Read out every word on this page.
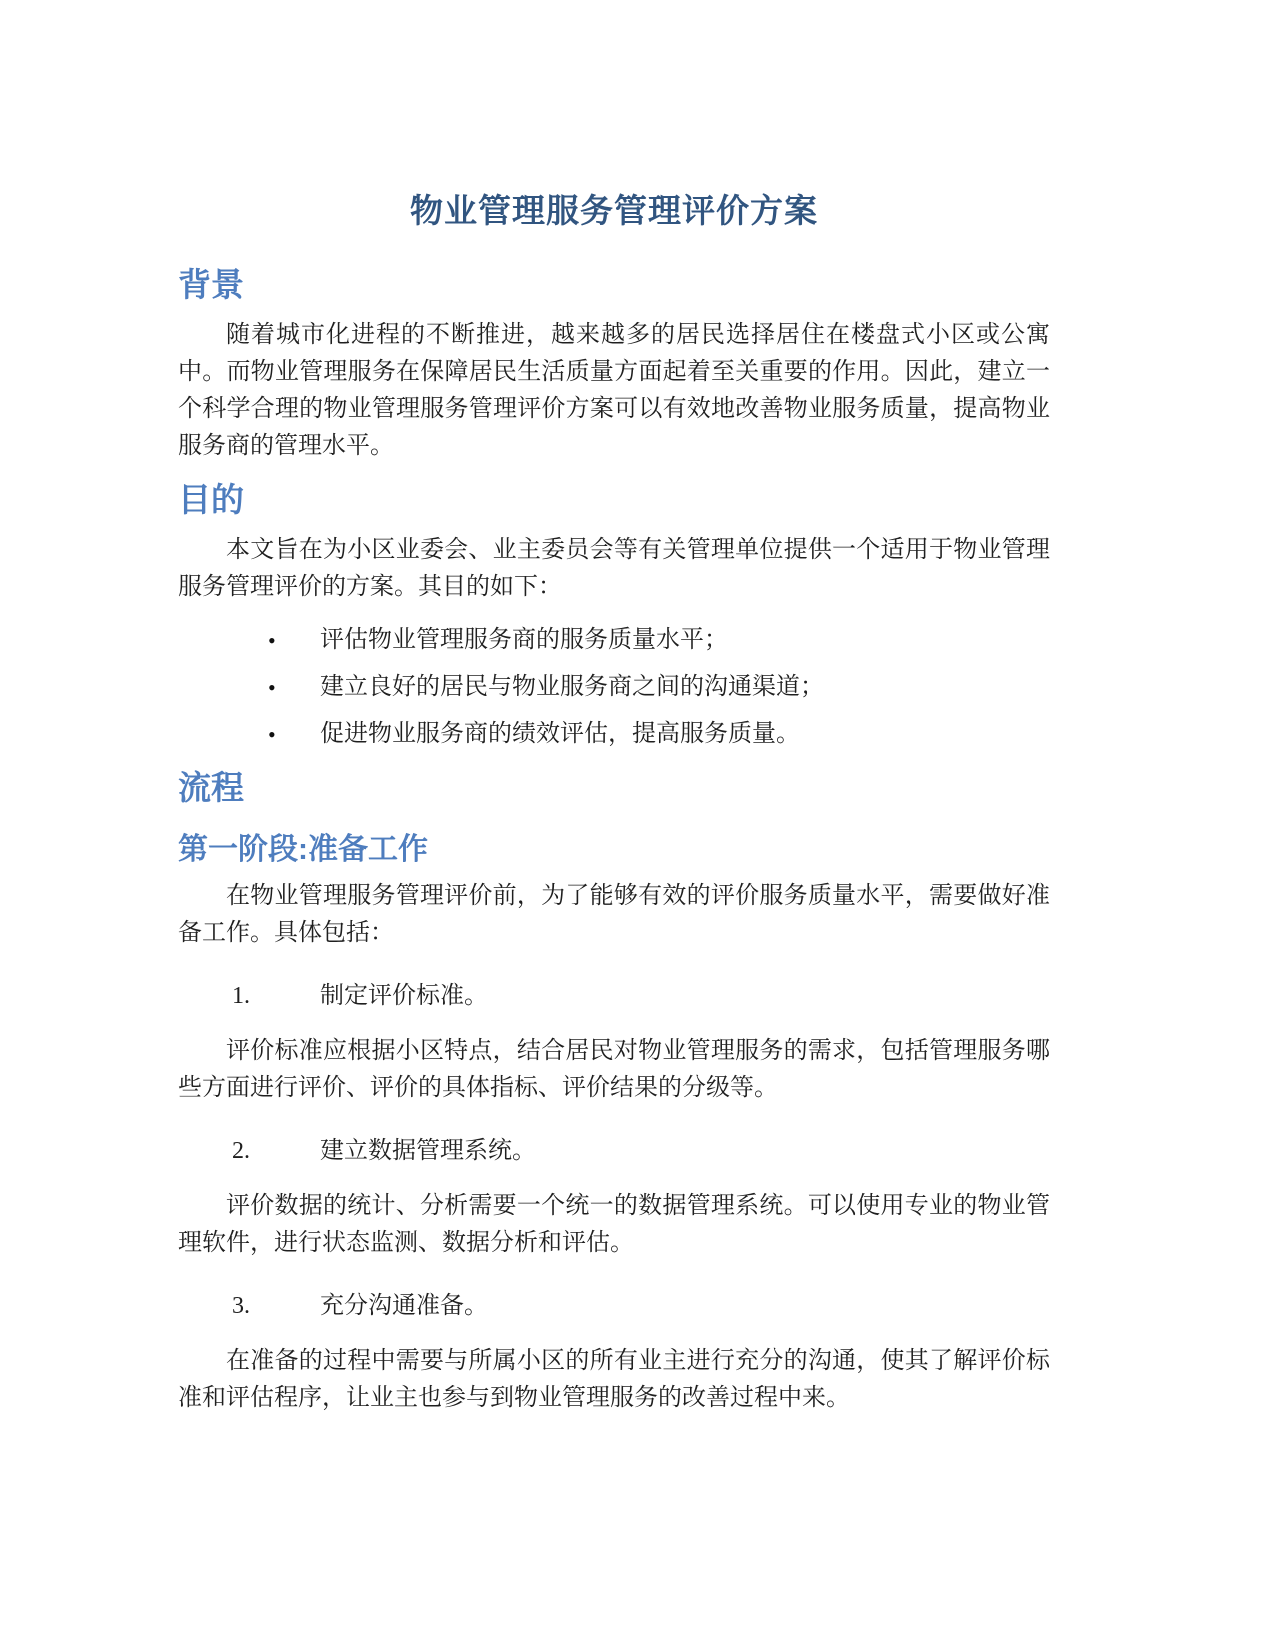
物业管理服务管理评价方案
背景

随着城市化进程的不断推进，越来越多的居民选择居住在楼盘式小区或公寓中。而物业管理服务在保障居民生活质量方面起着至关重要的作用。因此，建立一个科学合理的物业管理服务管理评价方案可以有效地改善物业服务质量，提高物业服务商的管理水平。

目的

本文旨在为小区业委会、业主委员会等有关管理单位提供一个适用于物业管理服务管理评价的方案。其目的如下：

• 评估物业管理服务商的服务质量水平；
• 建立良好的居民与物业服务商之间的沟通渠道；
• 促进物业服务商的绩效评估，提高服务质量。
流程
第一阶段:准备工作

在物业管理服务管理评价前，为了能够有效的评价服务质量水平，需要做好准备工作。具体包括：

1.	制定评价标准。

评价标准应根据小区特点，结合居民对物业管理服务的需求，包括管理服务哪些方面进行评价、评价的具体指标、评价结果的分级等。

2.	建立数据管理系统。

评价数据的统计、分析需要一个统一的数据管理系统。可以使用专业的物业管理软件，进行状态监测、数据分析和评估。

3.	充分沟通准备。

在准备的过程中需要与所属小区的所有业主进行充分的沟通，使其了解评价标准和评估程序，让业主也参与到物业管理服务的改善过程中来。
